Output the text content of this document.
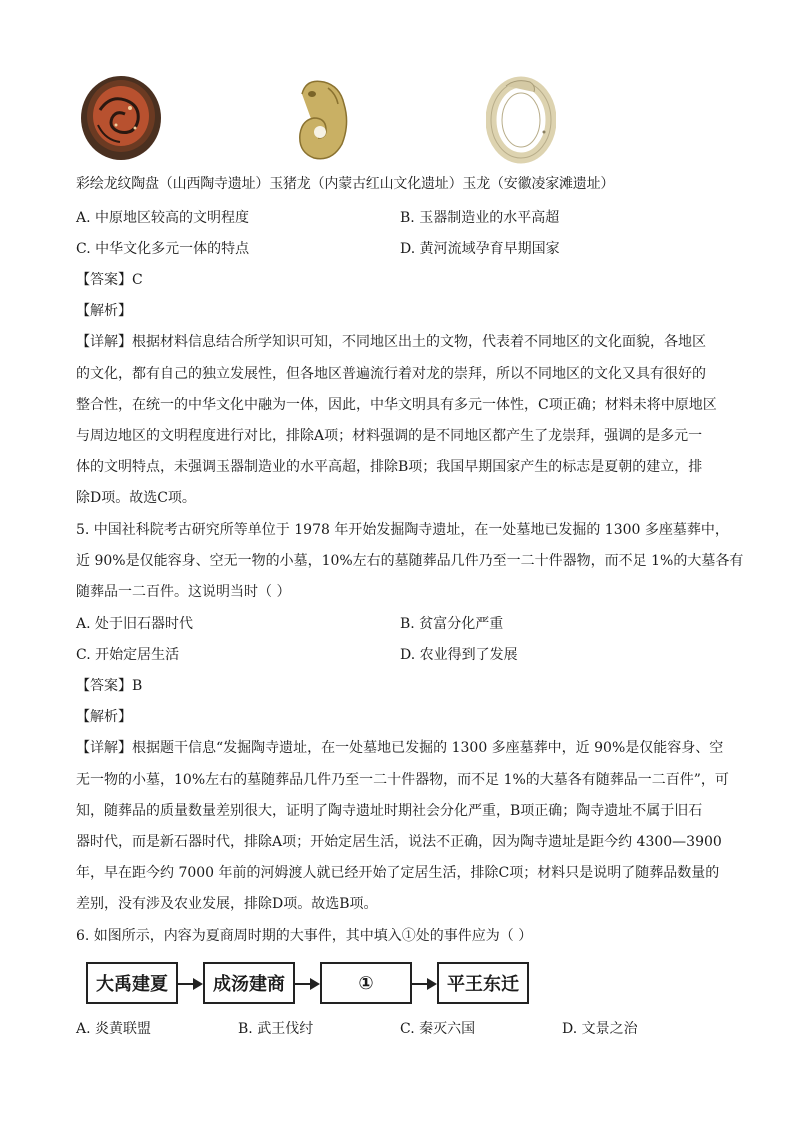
彩绘龙纹陶盘（山西陶寺遗址）玉猪龙（内蒙古红山文化遗址）玉龙（安徽凌家滩遗址）
A. 中原地区较高的文明程度	B. 玉器制造业的水平高超
C. 中华文化多元一体的特点	D. 黄河流域孕育早期国家
【答案】C
【解析】
【详解】根据材料信息结合所学知识可知，不同地区出土的文物，代表着不同地区的文化面貌，各地区
的文化，都有自己的独立发展性，但各地区普遍流行着对龙的崇拜，所以不同地区的文化又具有很好的
整合性，在统一的中华文化中融为一体，因此，中华文明具有多元一体性，C项正确；材料未将中原地区
与周边地区的文明程度进行对比，排除A项；材料强调的是不同地区都产生了龙崇拜，强调的是多元一
体的文明特点，未强调玉器制造业的水平高超，排除B项；我国早期国家产生的标志是夏朝的建立，排
除D项。故选C项。
5. 中国社科院考古研究所等单位于 1978 年开始发掘陶寺遗址，在一处墓地已发掘的 1300 多座墓葬中，
近 90%是仅能容身、空无一物的小墓，10%左右的墓随葬品几件乃至一二十件器物，而不足 1%的大墓各有
随葬品一二百件。这说明当时（ ）
A. 处于旧石器时代	B. 贫富分化严重
C. 开始定居生活	D. 农业得到了发展
【答案】B
【解析】
【详解】根据题干信息“发掘陶寺遗址，在一处墓地已发掘的 1300 多座墓葬中，近 90%是仅能容身、空
无一物的小墓，10%左右的墓随葬品几件乃至一二十件器物，而不足 1%的大墓各有随葬品一二百件”，可
知，随葬品的质量数量差别很大，证明了陶寺遗址时期社会分化严重，B项正确；陶寺遗址不属于旧石
器时代，而是新石器时代，排除A项；开始定居生活，说法不正确，因为陶寺遗址是距今约 4300—3900
年，早在距今约 7000 年前的河姆渡人就已经开始了定居生活，排除C项；材料只是说明了随葬品数量的
差别，没有涉及农业发展，排除D项。故选B项。
6. 如图所示，内容为夏商周时期的大事件，其中填入①处的事件应为（ ）
大禹建夏	成汤建商	①	平王东迁
A. 炎黄联盟	B. 武王伐纣	C. 秦灭六国	D. 文景之治
